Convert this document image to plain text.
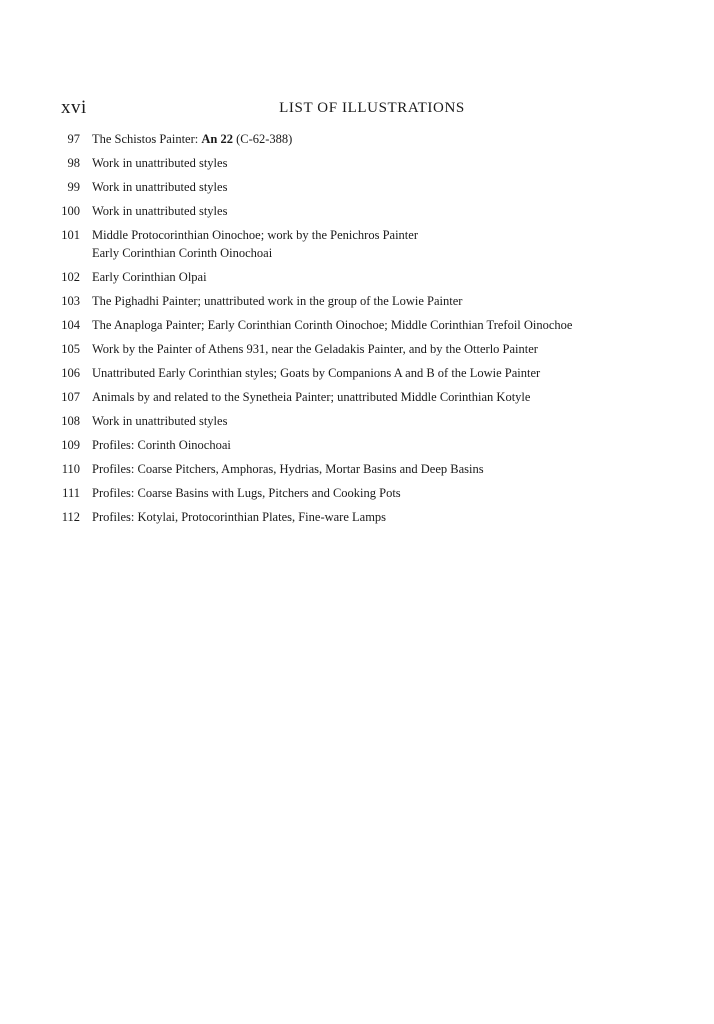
xvi	LIST OF ILLUSTRATIONS
97 The Schistos Painter: An 22 (C-62-388)
98 Work in unattributed styles
99 Work in unattributed styles
100 Work in unattributed styles
101 Middle Protocorinthian Oinochoe; work by the Penichros Painter
Early Corinthian Corinth Oinochoai
102 Early Corinthian Olpai
103 The Pighadhi Painter; unattributed work in the group of the Lowie Painter
104 The Anaploga Painter; Early Corinthian Corinth Oinochoe; Middle Corinthian Trefoil Oinochoe
105 Work by the Painter of Athens 931, near the Geladakis Painter, and by the Otterlo Painter
106 Unattributed Early Corinthian styles; Goats by Companions A and B of the Lowie Painter
107 Animals by and related to the Synetheia Painter; unattributed Middle Corinthian Kotyle
108 Work in unattributed styles
109 Profiles: Corinth Oinochoai
110 Profiles: Coarse Pitchers, Amphoras, Hydrias, Mortar Basins and Deep Basins
111 Profiles: Coarse Basins with Lugs, Pitchers and Cooking Pots
112 Profiles: Kotylai, Protocorinthian Plates, Fine-ware Lamps
